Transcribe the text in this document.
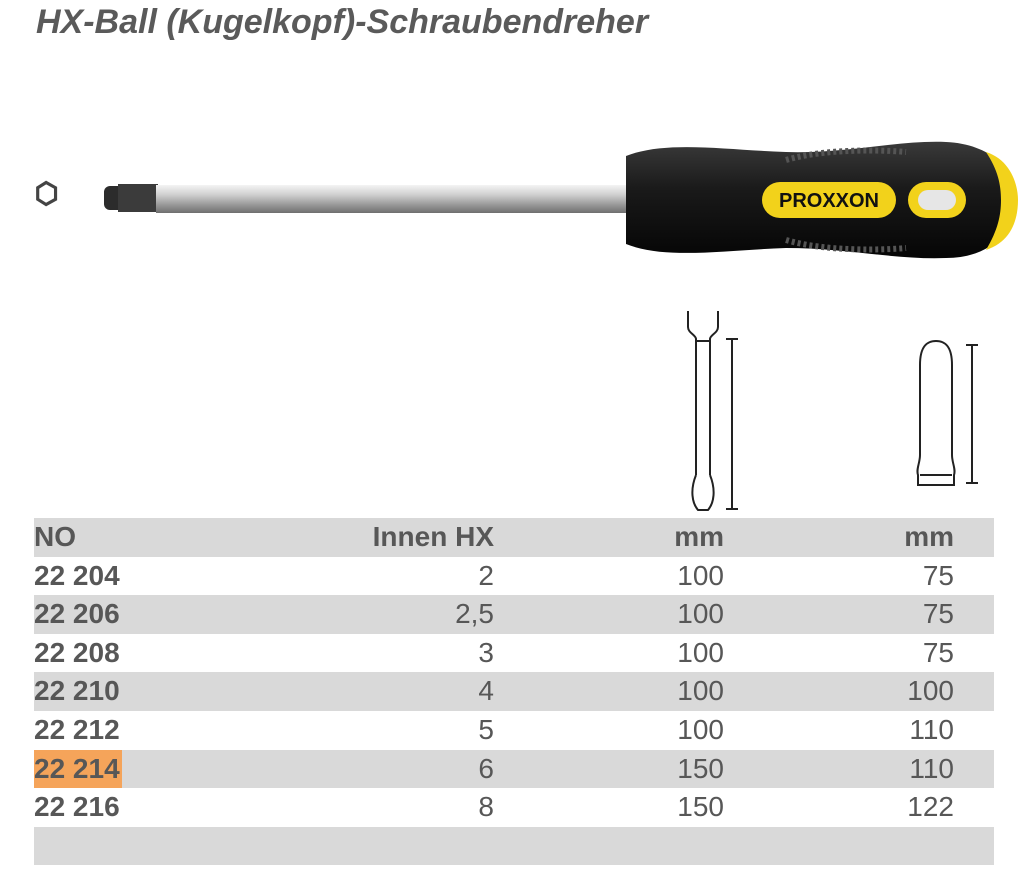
HX-Ball (Kugelkopf)-Schraubendreher
PROXXON
NO	Innen HX	mm	mm
22 204	2	100	75
22 206	2,5	100	75
22 208	3	100	75
22 210	4	100	100
22 212	5	100	110
22 214	6	150	110
22 216	8	150	122
